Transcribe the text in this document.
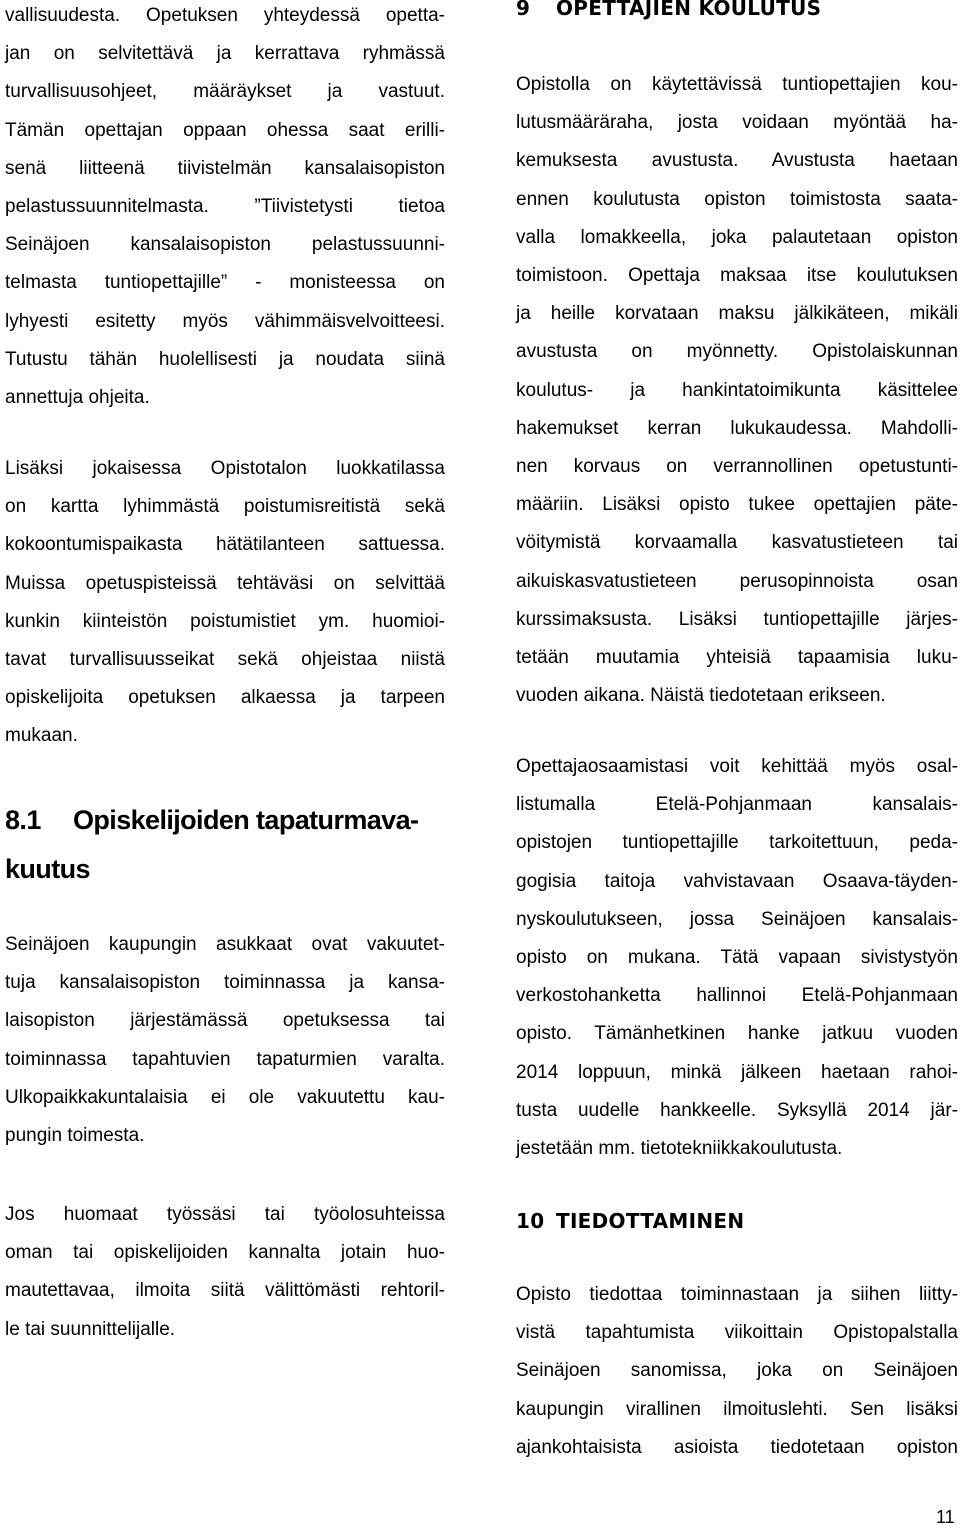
vallisuudesta. Opetuksen yhteydessä opetta-

jan on selvitettävä ja kerrattava ryhmässä

turvallisuusohjeet, määräykset ja vastuut.

Tämän opettajan oppaan ohessa saat erilli-

senä liitteenä tiivistelmän kansalaisopiston

pelastussuunnitelmasta. ”Tiivistetysti tietoa

Seinäjoen kansalaisopiston pelastussuunni-

telmasta tuntiopettajille” - monisteessa on

lyhyesti esitetty myös vähimmäisvelvoitteesi.

Tutustu tähän huolellisesti ja noudata siinä

annettuja ohjeita.

Lisäksi jokaisessa Opistotalon luokkatilassa

on kartta lyhimmästä poistumisreitistä sekä

kokoontumispaikasta hätätilanteen sattuessa.

Muissa opetuspisteissä tehtäväsi on selvittää

kunkin kiinteistön poistumistiet ym. huomioi-

tavat turvallisuusseikat sekä ohjeistaa niistä

opiskelijoita opetuksen alkaessa ja tarpeen

mukaan.

Seinäjoen kaupungin asukkaat ovat vakuutet-

tuja kansalaisopiston toiminnassa ja kansa-

laisopiston järjestämässä opetuksessa tai

toiminnassa tapahtuvien tapaturmien varalta.

Ulkopaikkakuntalaisia ei ole vakuutettu kau-

pungin toimesta.

Jos huomaat työssäsi tai työolosuhteissa

oman tai opiskelijoiden kannalta jotain huo-

mautettavaa, ilmoita siitä välittömästi rehtoril-

le tai suunnittelijalle.

Opistolla on käytettävissä tuntiopettajien kou-

lutusmääräraha, josta voidaan myöntää ha-

kemuksesta avustusta. Avustusta haetaan

ennen koulutusta opiston toimistosta saata-

valla lomakkeella, joka palautetaan opiston

toimistoon. Opettaja maksaa itse koulutuksen

ja heille korvataan maksu jälkikäteen, mikäli

avustusta on myönnetty. Opistolaiskunnan

koulutus- ja hankintatoimikunta käsittelee

hakemukset kerran lukukaudessa. Mahdolli-

nen korvaus on verrannollinen opetustunti-

määriin. Lisäksi opisto tukee opettajien päte-

vöitymistä korvaamalla kasvatustieteen tai

aikuiskasvatustieteen perusopinnoista osan

kurssimaksusta. Lisäksi tuntiopettajille järjes-

tetään muutamia yhteisiä tapaamisia luku-

vuoden aikana. Näistä tiedotetaan erikseen.

Opettajaosaamistasi voit kehittää myös osal-

listumalla Etelä-Pohjanmaan kansalais-

opistojen tuntiopettajille tarkoitettuun, peda-

gogisia taitoja vahvistavaan Osaava-täyden-

nyskoulutukseen, jossa Seinäjoen kansalais-

opisto on mukana. Tätä vapaan sivistystyön

verkostohanketta hallinnoi Etelä-Pohjanmaan

opisto. Tämänhetkinen hanke jatkuu vuoden

2014 loppuun, minkä jälkeen haetaan rahoi-

tusta uudelle hankkeelle. Syksyllä 2014 jär-

jestetään mm. tietotekniikkakoulutusta.

Opisto tiedottaa toiminnastaan ja siihen liitty-

vistä tapahtumista viikoittain Opistopalstalla

Seinäjoen sanomissa, joka on Seinäjoen

kaupungin virallinen ilmoituslehti. Sen lisäksi

ajankohtaisista asioista tiedotetaan opiston

8.1 Opiskelijoiden tapaturmava-
kuutus
9 OPETTAJIEN KOULUTUS
10 TIEDOTTAMINEN

11
